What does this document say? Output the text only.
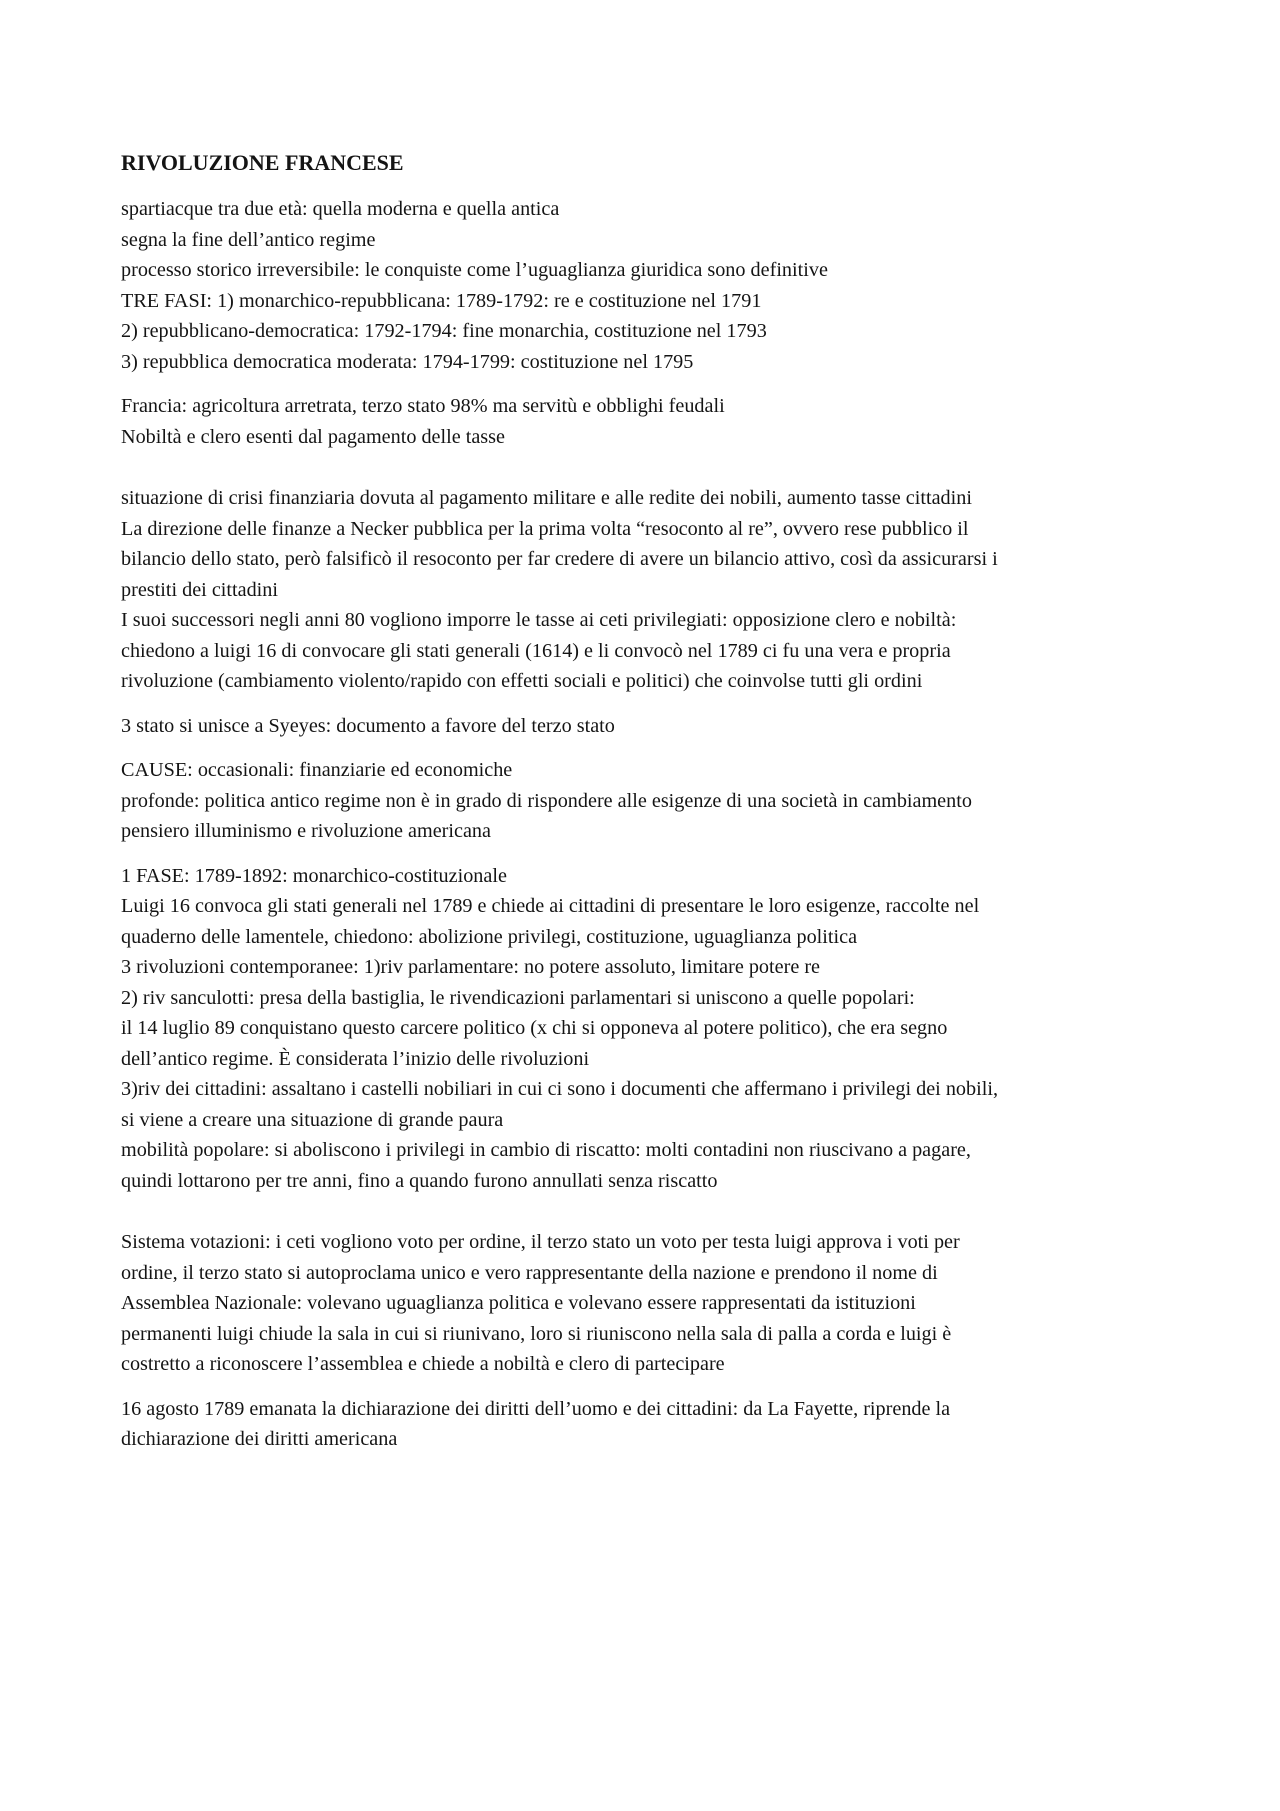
RIVOLUZIONE FRANCESE
spartiacque tra due età: quella moderna e quella antica
segna la fine dell’antico regime
processo storico irreversibile: le conquiste come l’uguaglianza giuridica sono definitive
TRE FASI: 1) monarchico-repubblicana: 1789-1792: re e costituzione nel 1791
2) repubblicano-democratica: 1792-1794: fine monarchia, costituzione nel 1793
3) repubblica democratica moderata: 1794-1799: costituzione nel 1795
Francia: agricoltura arretrata, terzo stato 98% ma servitù e obblighi feudali
Nobiltà e clero esenti dal pagamento delle tasse
situazione di crisi finanziaria dovuta al pagamento militare e alle redite dei nobili, aumento tasse cittadini
La direzione delle finanze a Necker pubblica per la prima volta “resoconto al re”, ovvero rese pubblico il
bilancio dello stato, però falsificò il resoconto per far credere di avere un bilancio attivo, così da assicurarsi i
prestiti dei cittadini
I suoi successori negli anni 80 vogliono imporre le tasse ai ceti privilegiati: opposizione clero e nobiltà:
chiedono a luigi 16 di convocare gli stati generali (1614) e li convocò nel 1789 ci fu una vera e propria
rivoluzione (cambiamento violento/rapido con effetti sociali e politici) che coinvolse tutti gli ordini
3 stato si unisce a Syeyes: documento a favore del terzo stato
CAUSE: occasionali: finanziarie ed economiche
profonde: politica antico regime non è in grado di rispondere alle esigenze di una società in cambiamento
pensiero illuminismo e rivoluzione americana
1 FASE: 1789-1892: monarchico-costituzionale
Luigi 16 convoca gli stati generali nel 1789 e chiede ai cittadini di presentare le loro esigenze, raccolte nel
quaderno delle lamentele, chiedono: abolizione privilegi, costituzione, uguaglianza politica
3 rivoluzioni contemporanee: 1)riv parlamentare: no potere assoluto, limitare potere re
2) riv sanculotti: presa della bastiglia, le rivendicazioni parlamentari si uniscono a quelle popolari:
il 14 luglio 89 conquistano questo carcere politico (x chi si opponeva al potere politico), che era segno
dell’antico regime. È considerata l’inizio delle rivoluzioni
3)riv dei cittadini: assaltano i castelli nobiliari in cui ci sono i documenti che affermano i privilegi dei nobili,
si viene a creare una situazione di grande paura
mobilità popolare: si aboliscono i privilegi in cambio di riscatto: molti contadini non riuscivano a pagare,
quindi lottarono per tre anni, fino a quando furono annullati senza riscatto
Sistema votazioni: i ceti vogliono voto per ordine, il terzo stato un voto per testa luigi approva i voti per
ordine, il terzo stato si autoproclama unico e vero rappresentante della nazione e prendono il nome di
Assemblea Nazionale: volevano uguaglianza politica e volevano essere rappresentati da istituzioni
permanenti luigi chiude la sala in cui si riunivano, loro si riuniscono nella sala di palla a corda e luigi è
costretto a riconoscere l’assemblea e chiede a nobiltà e clero di partecipare
16 agosto 1789 emanata la dichiarazione dei diritti dell’uomo e dei cittadini: da La Fayette, riprende la
dichiarazione dei diritti americana
